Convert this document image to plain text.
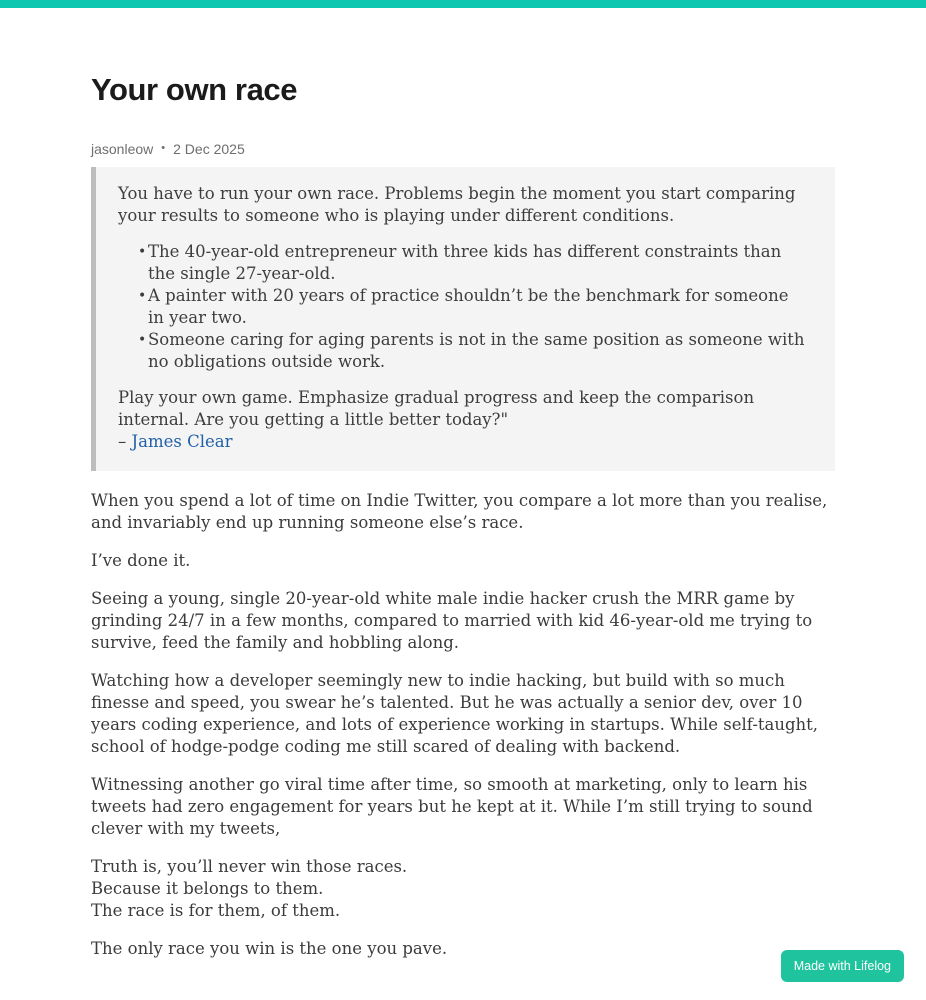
Your own race
jasonleow • 2 Dec 2025

You have to run your own race. Problems begin the moment you start comparing your results to someone who is playing under different conditions.

• The 40-year-old entrepreneur with three kids has different constraints than the single 27-year-old.
• A painter with 20 years of practice shouldn’t be the benchmark for someone in year two.
• Someone caring for aging parents is not in the same position as someone with no obligations outside work.

Play your own game. Emphasize gradual progress and keep the comparison internal. Are you getting a little better today?"

– James Clear

When you spend a lot of time on Indie Twitter, you compare a lot more than you realise, and invariably end up running someone else’s race.

I’ve done it.

Seeing a young, single 20-year-old white male indie hacker crush the MRR game by grinding 24/7 in a few months, compared to married with kid 46-year-old me trying to survive, feed the family and hobbling along.

Watching how a developer seemingly new to indie hacking, but build with so much finesse and speed, you swear he’s talented. But he was actually a senior dev, over 10 years coding experience, and lots of experience working in startups. While self-taught, school of hodge-podge coding me still scared of dealing with backend.

Witnessing another go viral time after time, so smooth at marketing, only to learn his tweets had zero engagement for years but he kept at it. While I’m still trying to sound clever with my tweets,

Truth is, you’ll never win those races.
Because it belongs to them.
The race is for them, of them.

The only race you win is the one you pave.

Made with Lifelog
